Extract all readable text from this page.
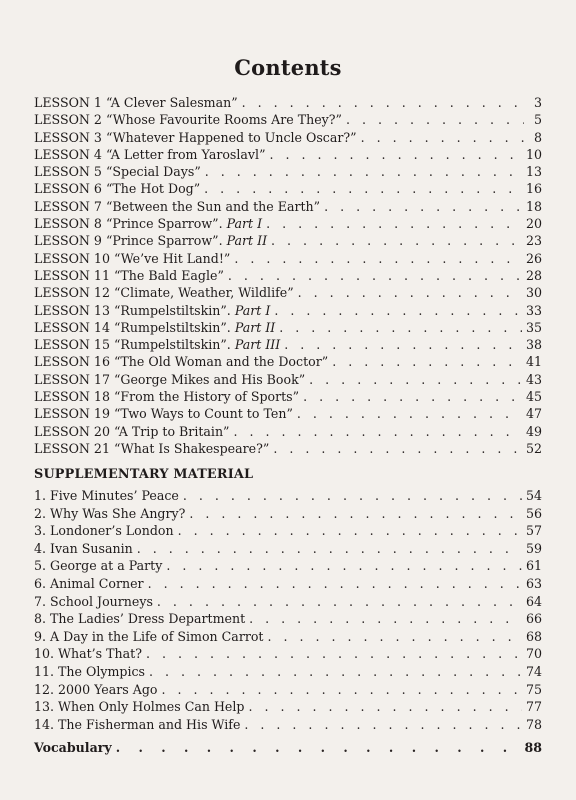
Contents
LESSON 1 “A Clever Salesman” . . .	3
LESSON 2 “Whose Favourite Rooms Are They?” . . .	5
LESSON 3 “Whatever Happened to Uncle Oscar?” . . .	8
LESSON 4 “A Letter from Yaroslavl” . . .	10
LESSON 5 “Special Days” . . .	13
LESSON 6 “The Hot Dog” . . .	16
LESSON 7 “Between the Sun and the Earth” . . .	18
LESSON 8 “Prince Sparrow”. Part I . . .	20
LESSON 9 “Prince Sparrow”. Part II . . .	23
LESSON 10 “We’ve Hit Land!” . . .	26
LESSON 11 “The Bald Eagle” . . .	28
LESSON 12 “Climate, Weather, Wildlife” . . .	30
LESSON 13 “Rumpelstiltskin”. Part I . . .	33
LESSON 14 “Rumpelstiltskin”. Part II . . .	35
LESSON 15 “Rumpelstiltskin”. Part III . . .	38
LESSON 16 “The Old Woman and the Doctor” . . .	41
LESSON 17 “George Mikes and His Book” . . .	43
LESSON 18 “From the History of Sports” . . .	45
LESSON 19 “Two Ways to Count to Ten” . . .	47
LESSON 20 “A Trip to Britain” . . .	49
LESSON 21 “What Is Shakespeare?” . . .	52
SUPPLEMENTARY MATERIAL
1. Five Minutes’ Peace . . .	54
2. Why Was She Angry? . . .	56
3. Londoner’s London . . .	57
4. Ivan Susanin . . .	59
5. George at a Party . . .	61
6. Animal Corner . . .	63
7. School Journeys . . .	64
8. The Ladies’ Dress Department . . .	66
9. A Day in the Life of Simon Carrot . . .	68
10. What’s That? . . .	70
11. The Olympics . . .	74
12. 2000 Years Ago . . .	75
13. When Only Holmes Can Help . . .	77
14. The Fisherman and His Wife . . .	78
Vocabulary . . .	88
